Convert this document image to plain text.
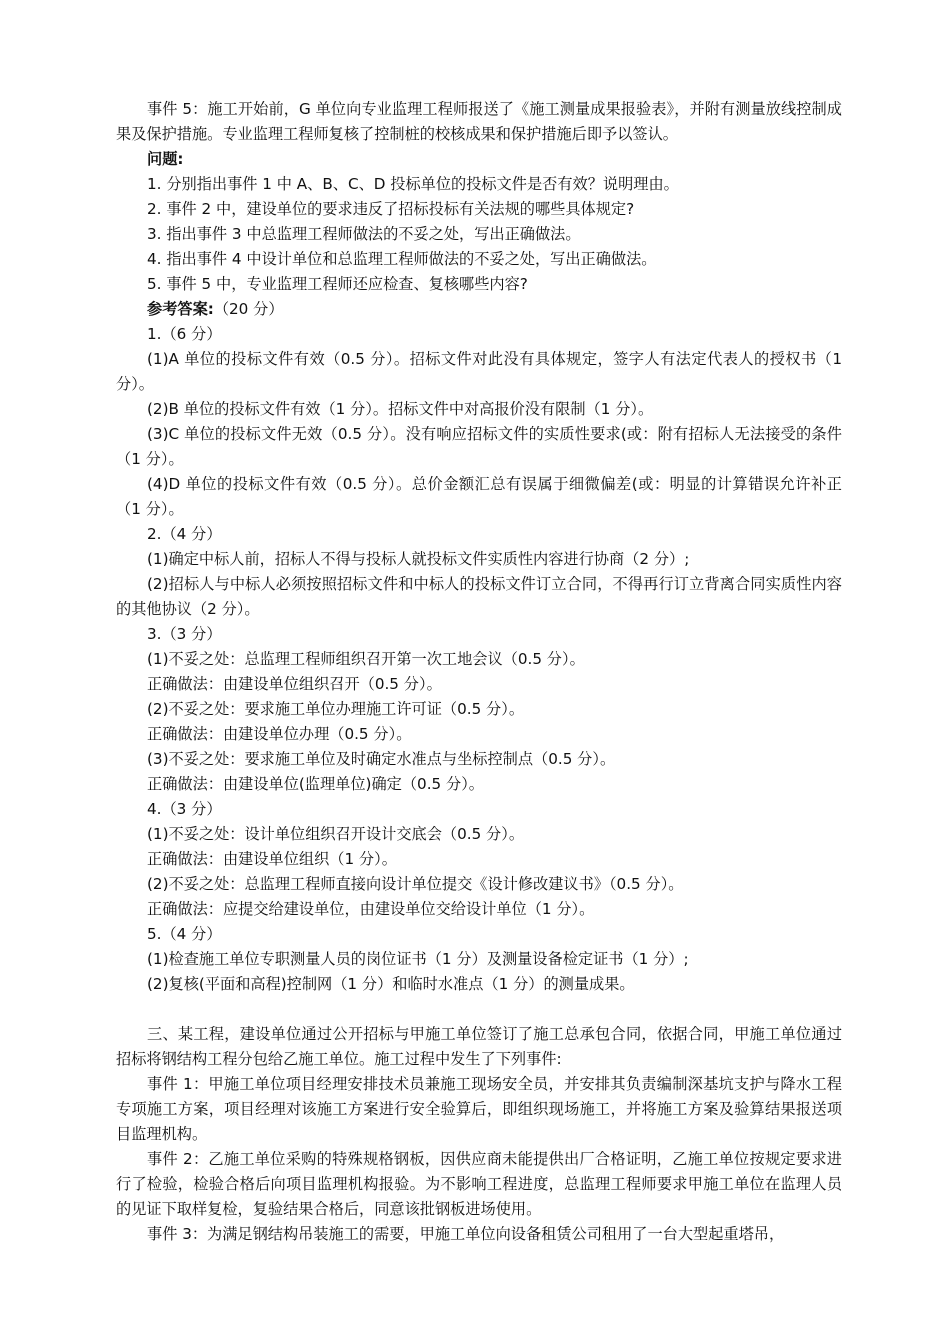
事件 5：施工开始前，G 单位向专业监理工程师报送了《施工测量成果报验表》，并附有测量放线控制成果及保护措施。专业监理工程师复核了控制桩的校核成果和保护措施后即予以签认。

问题:

1. 分别指出事件 1 中 A、B、C、D 投标单位的投标文件是否有效？说明理由。

2. 事件 2 中，建设单位的要求违反了招标投标有关法规的哪些具体规定?

3. 指出事件 3 中总监理工程师做法的不妥之处，写出正确做法。

4. 指出事件 4 中设计单位和总监理工程师做法的不妥之处，写出正确做法。

5. 事件 5 中，专业监理工程师还应检查、复核哪些内容?

参考答案:（20 分）

1.（6 分）

(1)A 单位的投标文件有效（0.5 分）。招标文件对此没有具体规定，签字人有法定代表人的授权书（1 分）。

(2)B 单位的投标文件有效（1 分）。招标文件中对高报价没有限制（1 分）。

(3)C 单位的投标文件无效（0.5 分）。没有响应招标文件的实质性要求(或：附有招标人无法接受的条件（1 分）。

(4)D 单位的投标文件有效（0.5 分）。总价金额汇总有误属于细微偏差(或：明显的计算错误允许补正（1 分）。

2.（4 分）

(1)确定中标人前，招标人不得与投标人就投标文件实质性内容进行协商（2 分）;

(2)招标人与中标人必须按照招标文件和中标人的投标文件订立合同，不得再行订立背离合同实质性内容的其他协议（2 分）。

3.（3 分）

(1)不妥之处：总监理工程师组织召开第一次工地会议（0.5 分）。

正确做法：由建设单位组织召开（0.5 分）。

(2)不妥之处：要求施工单位办理施工许可证（0.5 分）。

正确做法：由建设单位办理（0.5 分）。

(3)不妥之处：要求施工单位及时确定水准点与坐标控制点（0.5 分）。

正确做法：由建设单位(监理单位)确定（0.5 分）。

4.（3 分）

(1)不妥之处：设计单位组织召开设计交底会（0.5 分）。

正确做法：由建设单位组织（1 分）。

(2)不妥之处：总监理工程师直接向设计单位提交《设计修改建议书》（0.5 分）。

正确做法：应提交给建设单位，由建设单位交给设计单位（1 分）。

5.（4 分）

(1)检查施工单位专职测量人员的岗位证书（1 分）及测量设备检定证书（1 分）;

(2)复核(平面和高程)控制网（1 分）和临时水准点（1 分）的测量成果。

三、某工程，建设单位通过公开招标与甲施工单位签订了施工总承包合同，依据合同，甲施工单位通过招标将钢结构工程分包给乙施工单位。施工过程中发生了下列事件:

事件 1：甲施工单位项目经理安排技术员兼施工现场安全员，并安排其负责编制深基坑支护与降水工程专项施工方案，项目经理对该施工方案进行安全验算后，即组织现场施工，并将施工方案及验算结果报送项目监理机构。

事件 2：乙施工单位采购的特殊规格钢板，因供应商未能提供出厂合格证明，乙施工单位按规定要求进行了检验，检验合格后向项目监理机构报验。为不影响工程进度，总监理工程师要求甲施工单位在监理人员的见证下取样复检，复验结果合格后，同意该批钢板进场使用。

事件 3：为满足钢结构吊装施工的需要，甲施工单位向设备租赁公司租用了一台大型起重塔吊，
